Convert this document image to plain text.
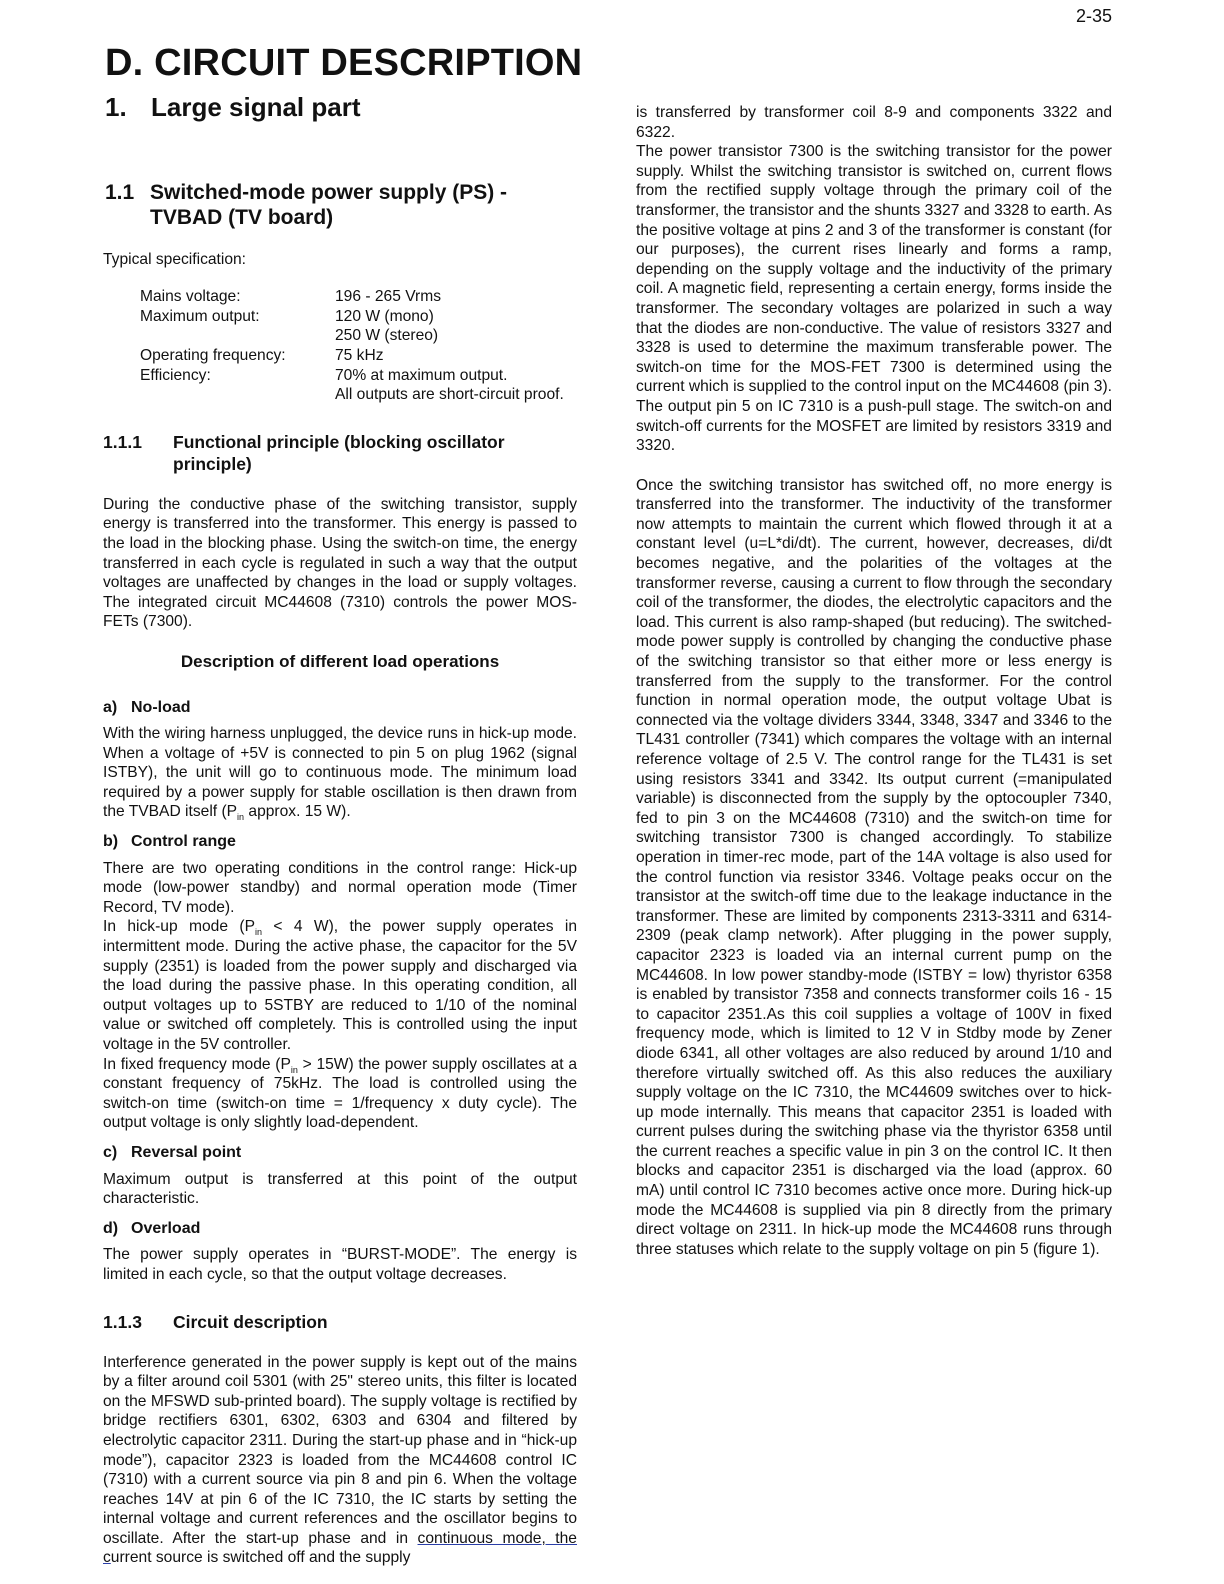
2-35
D. CIRCUIT DESCRIPTION
1. Large signal part
1.1 Switched-mode power supply (PS) - TVBAD (TV board)

Typical specification:

Mains voltage:	196 - 265 Vrms
Maximum output:	120 W (mono)
	250 W (stereo)
Operating frequency:	75 kHz
Efficiency:	70% at maximum output.
	All outputs are short-circuit proof.
1.1.1	Functional principle (blocking oscillator principle)

During the conductive phase of the switching transistor, supply energy is transferred into the transformer. This energy is passed to the load in the blocking phase. Using the switch-on time, the energy transferred in each cycle is regulated in such a way that the output voltages are unaffected by changes in the load or supply voltages. The integrated circuit MC44608 (7310) controls the power MOS-FETs (7300).

Description of different load operations
a) No-load

With the wiring harness unplugged, the device runs in hick-up mode. When a voltage of +5V is connected to pin 5 on plug 1962 (signal ISTBY), the unit will go to continuous mode. The minimum load required by a power supply for stable oscillation is then drawn from the TVBAD itself ($P_{in}$ approx. 15 W).

b) Control range

There are two operating conditions in the control range: Hick-up mode (low-power standby) and normal operation mode (Timer Record, TV mode).

In hick-up mode ($P_{in} < 4$ W), the power supply operates in intermittent mode. During the active phase, the capacitor for the 5V supply (2351) is loaded from the power supply and discharged via the load during the passive phase. In this operating condition, all output voltages up to 5STBY are reduced to 1/10 of the nominal value or switched off completely. This is controlled using the input voltage in the 5V controller.

In fixed frequency mode $(P_{in} > 15W)$ the power supply oscillates at a constant frequency of 75kHz. The load is controlled using the switch-on time (switch-on time = 1/frequency x duty cycle). The output voltage is only slightly load-dependent.

c) Reversal point

Maximum output is transferred at this point of the output characteristic.

d) Overload

The power supply operates in “BURST-MODE”. The energy is limited in each cycle, so that the output voltage decreases.

1.1.3	Circuit description

Interference generated in the power supply is kept out of the mains by a filter around coil 5301 (with 25" stereo units, this filter is located on the MFSWD sub-printed board). The supply voltage is rectified by bridge rectifiers 6301, 6302, 6303 and 6304 and filtered by electrolytic capacitor 2311. During the start-up phase and in “hick-up mode”), capacitor 2323 is loaded from the MC44608 control IC (7310) with a current source via pin 8 and pin 6. When the voltage reaches 14V at pin 6 of the IC 7310, the IC starts by setting the internal voltage and current references and the oscillator begins to oscillate. After the start-up phase and in continuous mode, the current source is switched off and the supply

is transferred by transformer coil 8-9 and components 3322 and 6322.

The power transistor 7300 is the switching transistor for the power supply. Whilst the switching transistor is switched on, current flows from the rectified supply voltage through the primary coil of the transformer, the transistor and the shunts 3327 and 3328 to earth. As the positive voltage at pins 2 and 3 of the transformer is constant (for our purposes), the current rises linearly and forms a ramp, depending on the supply voltage and the inductivity of the primary coil. A magnetic field, representing a certain energy, forms inside the transformer. The secondary voltages are polarized in such a way that the diodes are non-conductive. The value of resistors 3327 and 3328 is used to determine the maximum transferable power. The switch-on time for the MOS-FET 7300 is determined using the current which is supplied to the control input on the MC44608 (pin 3). The output pin 5 on IC 7310 is a push-pull stage. The switch-on and switch-off currents for the MOSFET are limited by resistors 3319 and 3320.

Once the switching transistor has switched off, no more energy is transferred into the transformer. The inductivity of the transformer now attempts to maintain the current which flowed through it at a constant level (u=L*di/dt). The current, however, decreases, di/dt becomes negative, and the polarities of the voltages at the transformer reverse, causing a current to flow through the secondary coil of the transformer, the diodes, the electrolytic capacitors and the load. This current is also ramp-shaped (but reducing). The switched-mode power supply is controlled by changing the conductive phase of the switching transistor so that either more or less energy is transferred from the supply to the transformer. For the control function in normal operation mode, the output voltage Ubat is connected via the voltage dividers 3344, 3348, 3347 and 3346 to the TL431 controller (7341) which compares the voltage with an internal reference voltage of 2.5 V. The control range for the TL431 is set using resistors 3341 and 3342. Its output current (=manipulated variable) is disconnected from the supply by the optocoupler 7340, fed to pin 3 on the MC44608 (7310) and the switch-on time for switching transistor 7300 is changed accordingly. To stabilize operation in timer-rec mode, part of the 14A voltage is also used for the control function via resistor 3346. Voltage peaks occur on the transistor at the switch-off time due to the leakage inductance in the transformer. These are limited by components 2313-3311 and 6314-2309 (peak clamp network). After plugging in the power supply, capacitor 2323 is loaded via an internal current pump on the MC44608. In low power standby-mode (ISTBY = low) thyristor 6358 is enabled by transistor 7358 and connects transformer coils 16 - 15 to capacitor 2351.As this coil supplies a voltage of 100V in fixed frequency mode, which is limited to 12 V in Stdby mode by Zener diode 6341, all other voltages are also reduced by around 1/10 and therefore virtually switched off. As this also reduces the auxiliary supply voltage on the IC 7310, the MC44609 switches over to hick-up mode internally. This means that capacitor 2351 is loaded with current pulses during the switching phase via the thyristor 6358 until the current reaches a specific value in pin 3 on the control IC. It then blocks and capacitor 2351 is discharged via the load (approx. 60 mA) until control IC 7310 becomes active once more. During hick-up mode the MC44608 is supplied via pin 8 directly from the primary direct voltage on 2311. In hick-up mode the MC44608 runs through three statuses which relate to the supply voltage on pin 5 (figure 1).
